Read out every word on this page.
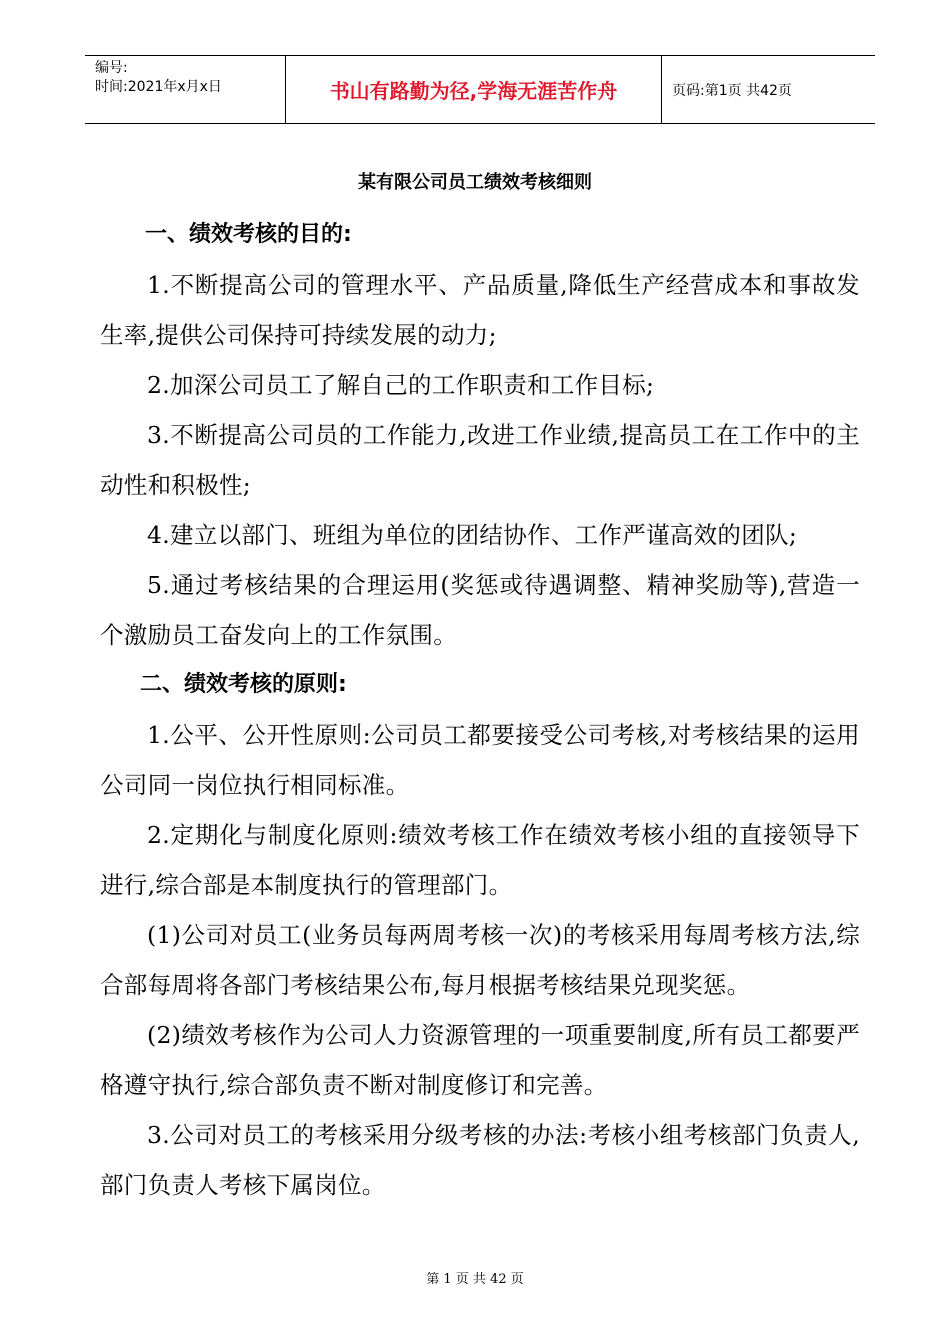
编号:
时间:2021年x月x日	书山有路勤为径,学海无涯苦作舟	页码:第1页 共42页
某有限公司员工绩效考核细则

一、绩效考核的目的:

1.不断提高公司的管理水平、产品质量,降低生产经营成本和事故发生率,提供公司保持可持续发展的动力;

2.加深公司员工了解自己的工作职责和工作目标;

3.不断提高公司员的工作能力,改进工作业绩,提高员工在工作中的主动性和积极性;

4.建立以部门、班组为单位的团结协作、工作严谨高效的团队;

5.通过考核结果的合理运用(奖惩或待遇调整、精神奖励等),营造一个激励员工奋发向上的工作氛围。

二、绩效考核的原则:

1.公平、公开性原则:公司员工都要接受公司考核,对考核结果的运用公司同一岗位执行相同标准。

2.定期化与制度化原则:绩效考核工作在绩效考核小组的直接领导下进行,综合部是本制度执行的管理部门。

(1)公司对员工(业务员每两周考核一次)的考核采用每周考核方法,综合部每周将各部门考核结果公布,每月根据考核结果兑现奖惩。

(2)绩效考核作为公司人力资源管理的一项重要制度,所有员工都要严格遵守执行,综合部负责不断对制度修订和完善。

3.公司对员工的考核采用分级考核的办法:考核小组考核部门负责人,部门负责人考核下属岗位。

第 1 页 共 42 页
